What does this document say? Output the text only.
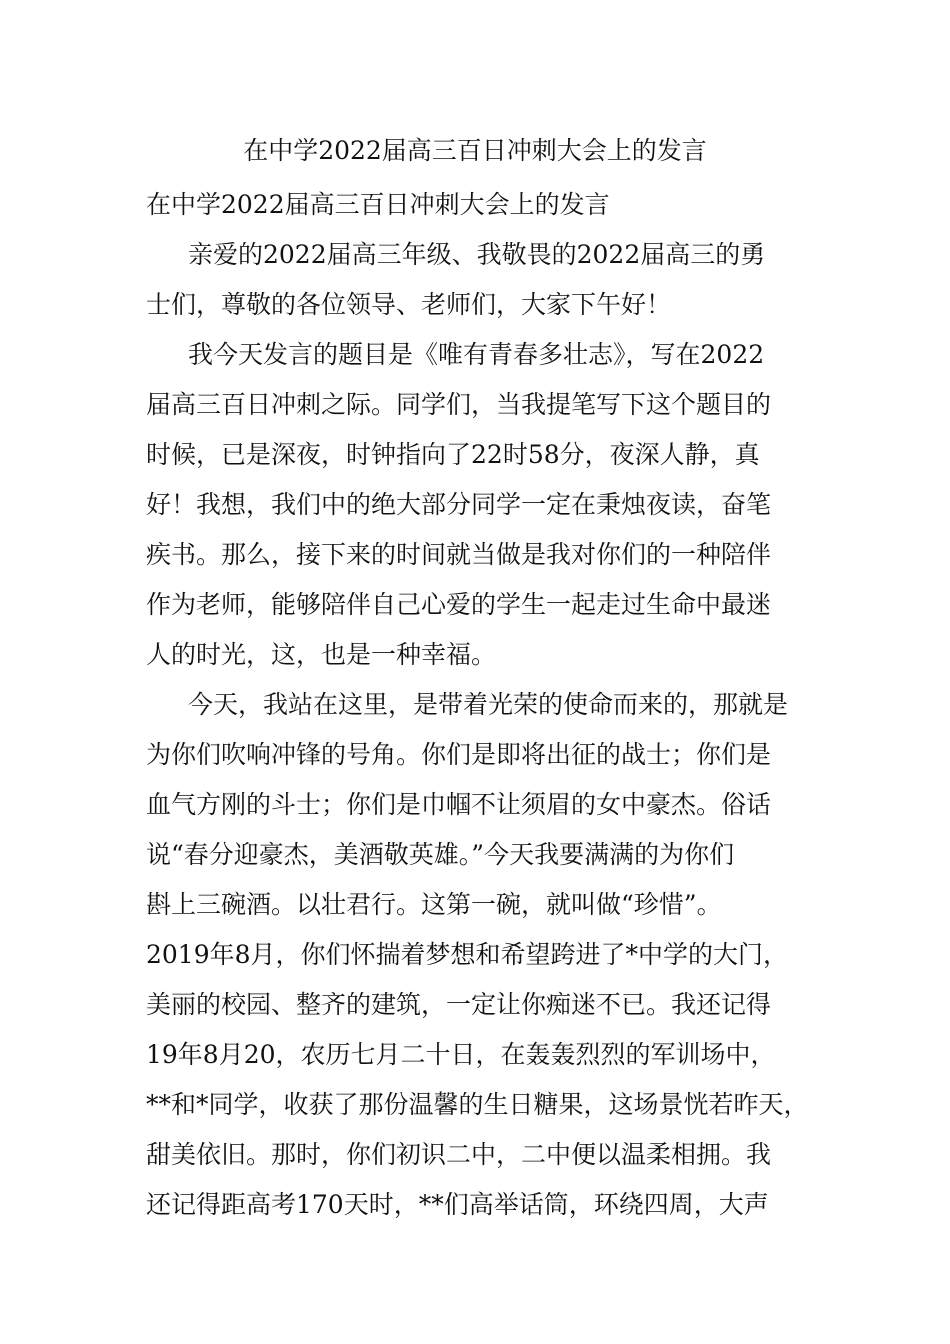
在中学2022届高三百日冲刺大会上的发言
在中学2022届高三百日冲刺大会上的发言
亲爱的2022届高三年级、我敬畏的2022届高三的勇
士们，尊敬的各位领导、老师们，大家下午好！
我今天发言的题目是《唯有青春多壮志》，写在2022
届高三百日冲刺之际。同学们，当我提笔写下这个题目的
时候，已是深夜，时钟指向了22时58分，夜深人静，真
好！我想，我们中的绝大部分同学一定在秉烛夜读，奋笔
疾书。那么，接下来的时间就当做是我对你们的一种陪伴
作为老师，能够陪伴自己心爱的学生一起走过生命中最迷
人的时光，这，也是一种幸福。
今天，我站在这里，是带着光荣的使命而来的，那就是
为你们吹响冲锋的号角。你们是即将出征的战士；你们是
血气方刚的斗士；你们是巾帼不让须眉的女中豪杰。俗话
说“春分迎豪杰，美酒敬英雄。”今天我要满满的为你们
斟上三碗酒。以壮君行。这第一碗，就叫做“珍惜”。
2019年8月，你们怀揣着梦想和希望跨进了*中学的大门，
美丽的校园、整齐的建筑，一定让你痴迷不已。我还记得
19年8月20，农历七月二十日，在轰轰烈烈的军训场中，
**和*同学，收获了那份温馨的生日糖果，这场景恍若昨天，
甜美依旧。那时，你们初识二中，二中便以温柔相拥。我
还记得距高考170天时，**们高举话筒，环绕四周，大声
